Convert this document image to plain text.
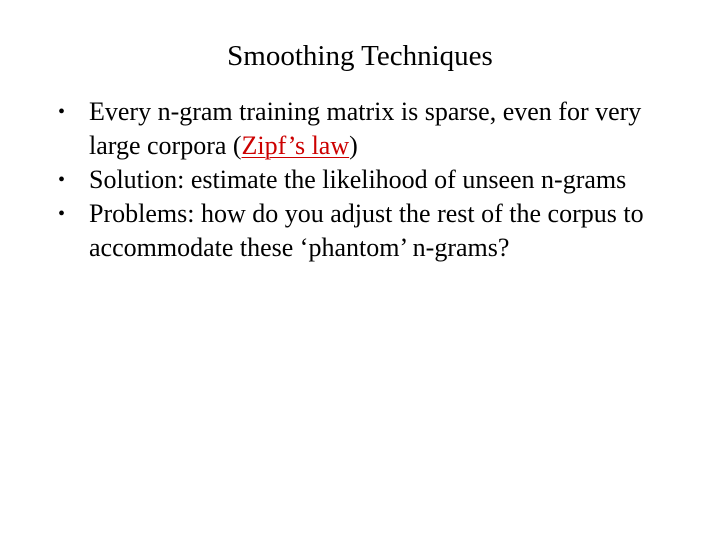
Smoothing Techniques
• Every n-gram training matrix is sparse, even for very large corpora (Zipf’s law)
• Solution: estimate the likelihood of unseen n-grams
• Problems: how do you adjust the rest of the corpus to accommodate these ‘phantom’ n-grams?
